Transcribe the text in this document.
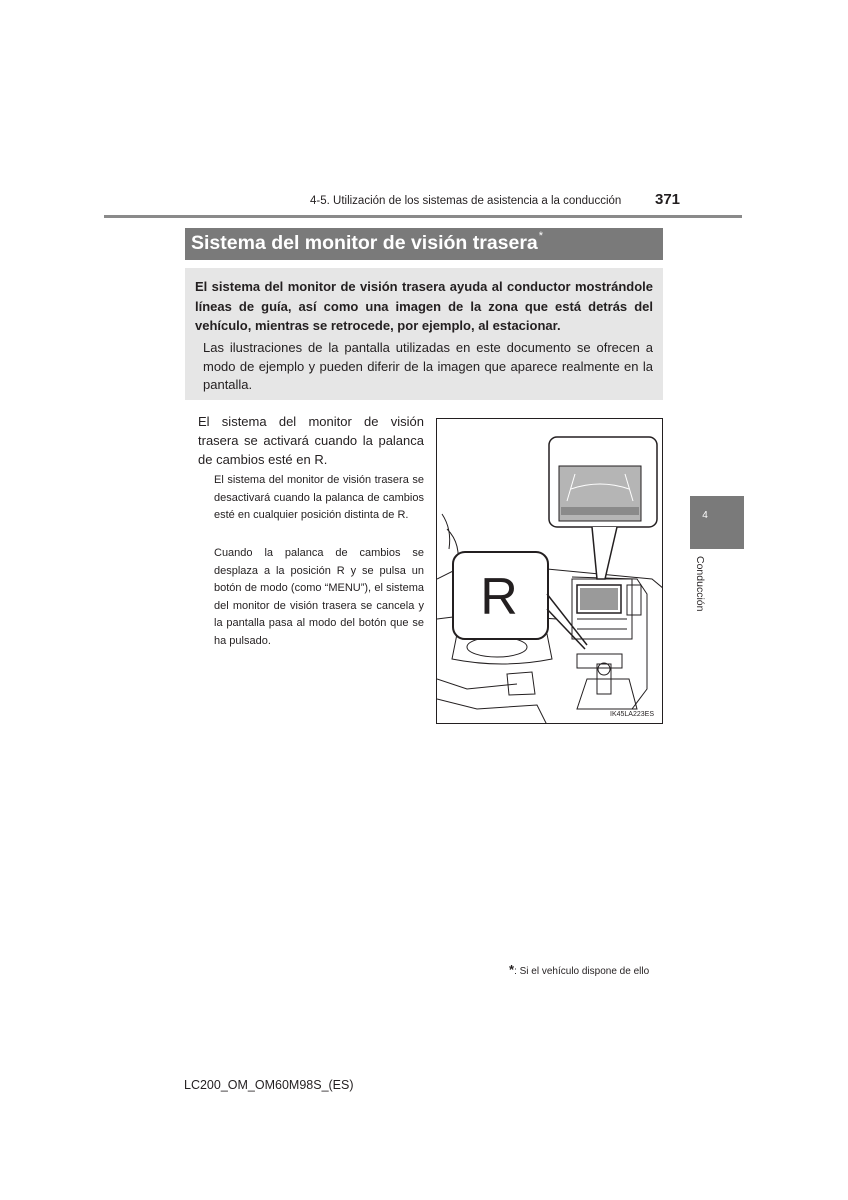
4-5. Utilización de los sistemas de asistencia a la conducción 371
Sistema del monitor de visión trasera*
El sistema del monitor de visión trasera ayuda al conductor mostrándole líneas de guía, así como una imagen de la zona que está detrás del vehículo, mientras se retrocede, por ejemplo, al estacionar.
Las ilustraciones de la pantalla utilizadas en este documento se ofrecen a modo de ejemplo y pueden diferir de la imagen que aparece realmente en la pantalla.
El sistema del monitor de visión trasera se activará cuando la palanca de cambios esté en R.
El sistema del monitor de visión trasera se desactivará cuando la palanca de cambios esté en cualquier posición distinta de R.
Cuando la palanca de cambios se desplaza a la posición R y se pulsa un botón de modo (como “MENU”), el sistema del monitor de visión trasera se cancela y la pantalla pasa al modo del botón que se ha pulsado.
R
IK45LA223ES
4
Conducción
*: Si el vehículo dispone de ello
LC200_OM_OM60M98S_(ES)
